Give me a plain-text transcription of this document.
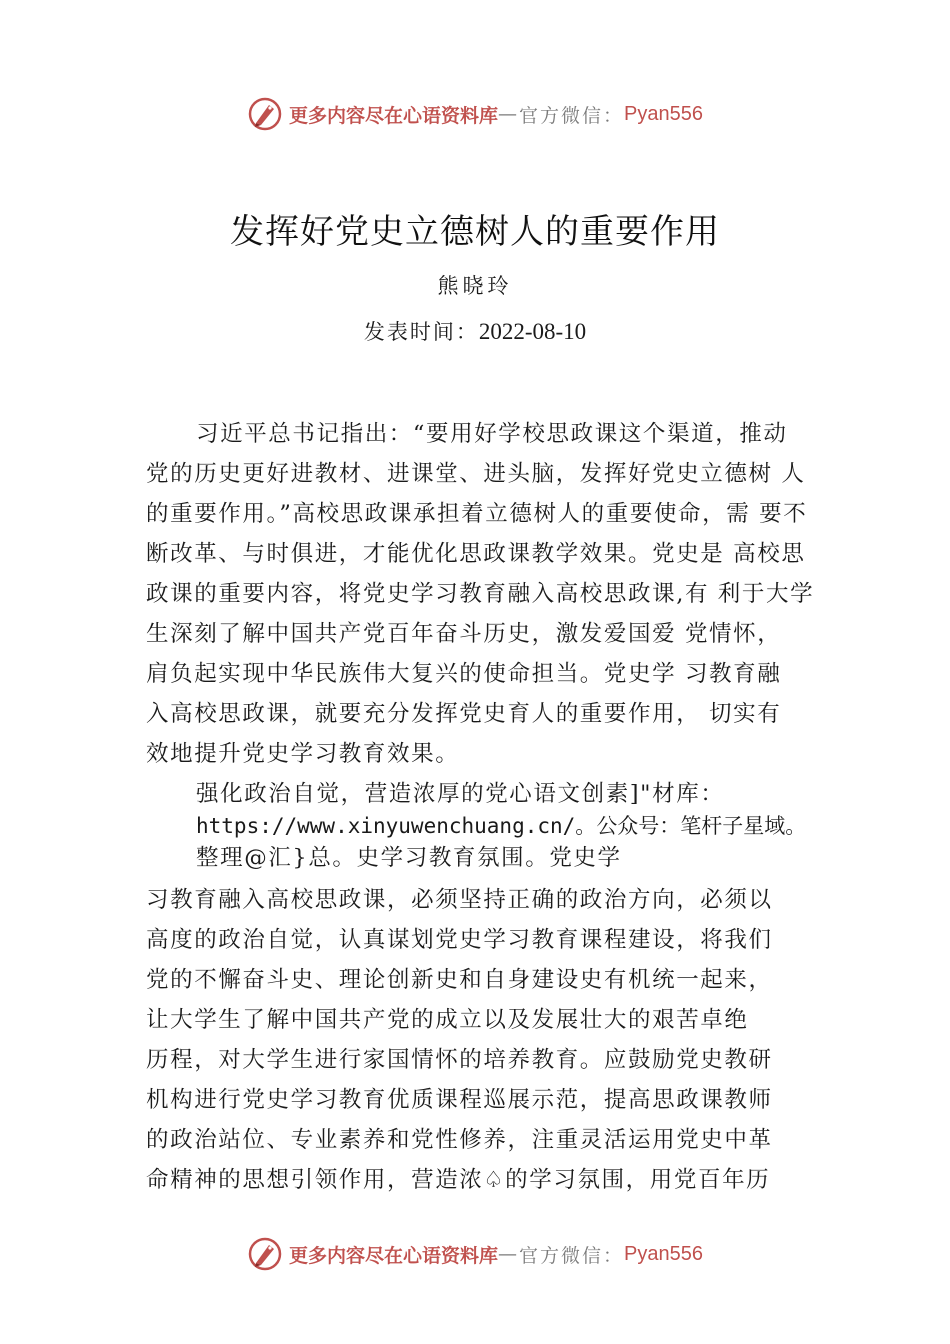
更多内容尽在心语资料库 — 官方微信： Pyan556
发挥好党史立德树人的重要作用
熊晓玲
发表时间：2022-08-10
习近平总书记指出：“要用好学校思政课这个渠道，推动
党的历史更好进教材、进课堂、进头脑，发挥好党史立德树 人
的重要作用。”高校思政课承担着立德树人的重要使命，需 要不
断改革、与时俱进，才能优化思政课教学效果。党史是 高校思
政课的重要内容，将党史学习教育融入高校思政课,有 利于大学
生深刻了解中国共产党百年奋斗历史，激发爱国爱 党情怀，
肩负起实现中华民族伟大复兴的使命担当。党史学 习教育融
入高校思政课，就要充分发挥党史育人的重要作用， 切实有
效地提升党史学习教育效果。
强化政治自觉，营造浓厚的党心语文创素]"材库：
https://www.xinyuwenchuang.cn/。公众号：笔杆子星域。
整理@汇}总。史学习教育氛围。党史学
习教育融入高校思政课，必须坚持正确的政治方向，必须以
高度的政治自觉，认真谋划党史学习教育课程建设，将我们
党的不懈奋斗史、理论创新史和自身建设史有机统一起来，
让大学生了解中国共产党的成立以及发展壮大的艰苦卓绝
历程，对大学生进行家国情怀的培养教育。应鼓励党史教研
机构进行党史学习教育优质课程巡展示范，提高思政课教师
的政治站位、专业素养和党性修养，注重灵活运用党史中革
命精神的思想引领作用，营造浓♤的学习氛围，用党百年历
更多内容尽在心语资料库 — 官方微信： Pyan556
